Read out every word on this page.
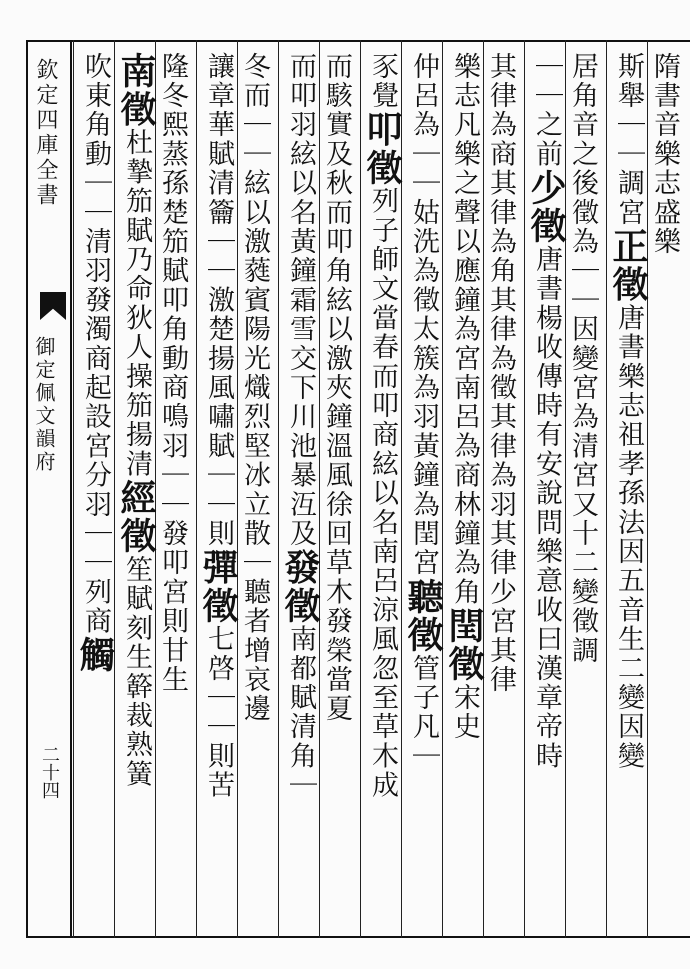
欽定四庫全書
御定佩文韻府
二十四
隋書音樂志盛樂
斯舉｜｜調宮正徵唐書樂志祖孝孫法因五音生二變因變
居角音之後徵為｜｜因變宮為清宮又十二變徵調
｜｜之前少徵唐書楊收傳時有安說問樂意收曰漢章帝時
其律為商其律為角其律為徵其律為羽其律少宮其律
樂志凡樂之聲以應鐘為宮南呂為商林鐘為角閏徵宋史
仲呂為｜｜姑洗為徵太簇為羽黃鐘為閏宮聽徵管子凡｜
豕覺叩徵列子師文當春而叩商絃以名南呂涼風忽至草木成
而駭實及秋而叩角絃以激夾鐘溫風徐回草木發榮當夏
而叩羽絃以名黃鐘霜雪交下川池暴沍及發徵南都賦清角｜
冬而｜｜絃以激蕤賓陽光熾烈堅冰立散｜聽者增哀邊
讓章華賦清籥｜｜激楚揚風嘯賦｜｜則彈徵七啓｜｜則苦
隆冬熙蒸孫楚笳賦叩角動商鳴羽｜｜發叩宮則甘生
南徵杜摯笳賦乃命狄人操笳揚清經徵笙賦刻生簳裁熟簧
吹東角動｜｜清羽發濁商起設宮分羽｜｜列商觸
